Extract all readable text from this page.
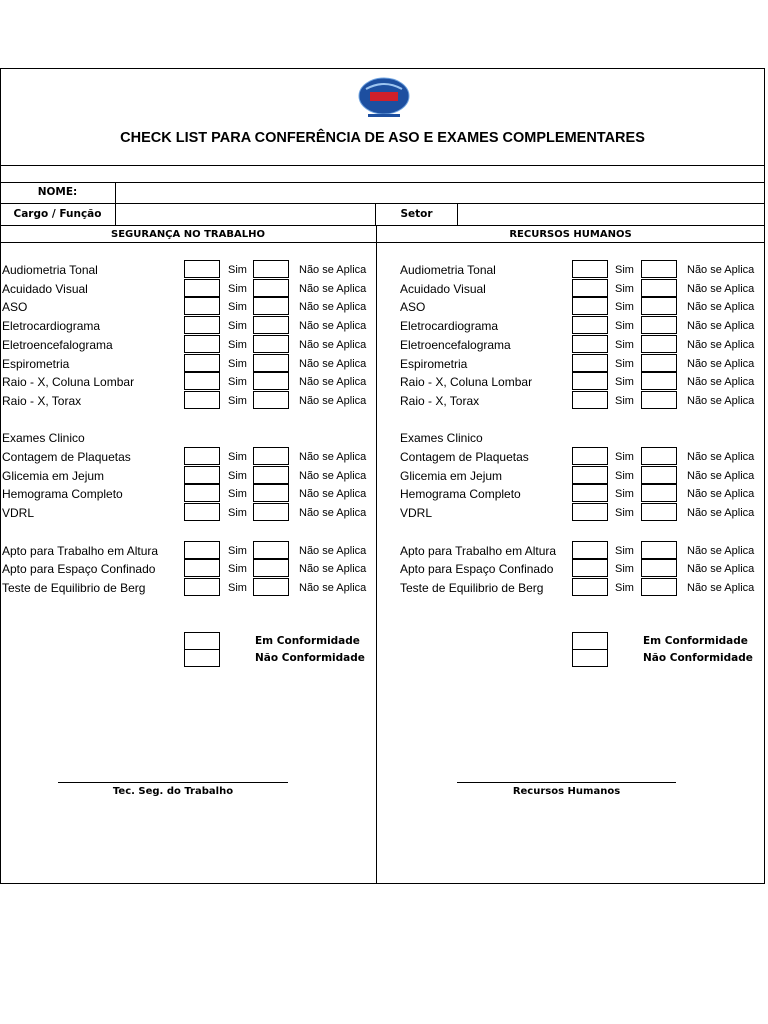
CHECK LIST PARA CONFERÊNCIA DE ASO E EXAMES COMPLEMENTARES
NOME:
Cargo / Função	Setor
SEGURANÇA NO TRABALHO	RECURSOS HUMANOS
Audiometria Tonal	Sim	Não se Aplica
Acuidado Visual	Sim	Não se Aplica
ASO	Sim	Não se Aplica
Eletrocardiograma	Sim	Não se Aplica
Eletroencefalograma	Sim	Não se Aplica
Espirometria	Sim	Não se Aplica
Raio - X, Coluna Lombar	Sim	Não se Aplica
Raio - X, Torax	Sim	Não se Aplica
Exames Clinico
Contagem de Plaquetas	Sim	Não se Aplica
Glicemia em Jejum	Sim	Não se Aplica
Hemograma Completo	Sim	Não se Aplica
VDRL	Sim	Não se Aplica
Apto para Trabalho em Altura	Sim	Não se Aplica
Apto para Espaço Confinado	Sim	Não se Aplica
Teste de Equilibrio de Berg	Sim	Não se Aplica
Em Conformidade
Não Conformidade
Audiometria Tonal	Sim	Não se Aplica
Acuidado Visual	Sim	Não se Aplica
ASO	Sim	Não se Aplica
Eletrocardiograma	Sim	Não se Aplica
Eletroencefalograma	Sim	Não se Aplica
Espirometria	Sim	Não se Aplica
Raio - X, Coluna Lombar	Sim	Não se Aplica
Raio - X, Torax	Sim	Não se Aplica
Exames Clinico
Contagem de Plaquetas	Sim	Não se Aplica
Glicemia em Jejum	Sim	Não se Aplica
Hemograma Completo	Sim	Não se Aplica
VDRL	Sim	Não se Aplica
Apto para Trabalho em Altura	Sim	Não se Aplica
Apto para Espaço Confinado	Sim	Não se Aplica
Teste de Equilibrio de Berg	Sim	Não se Aplica
Em Conformidade
Não Conformidade
Tec. Seg. do Trabalho	Recursos Humanos
